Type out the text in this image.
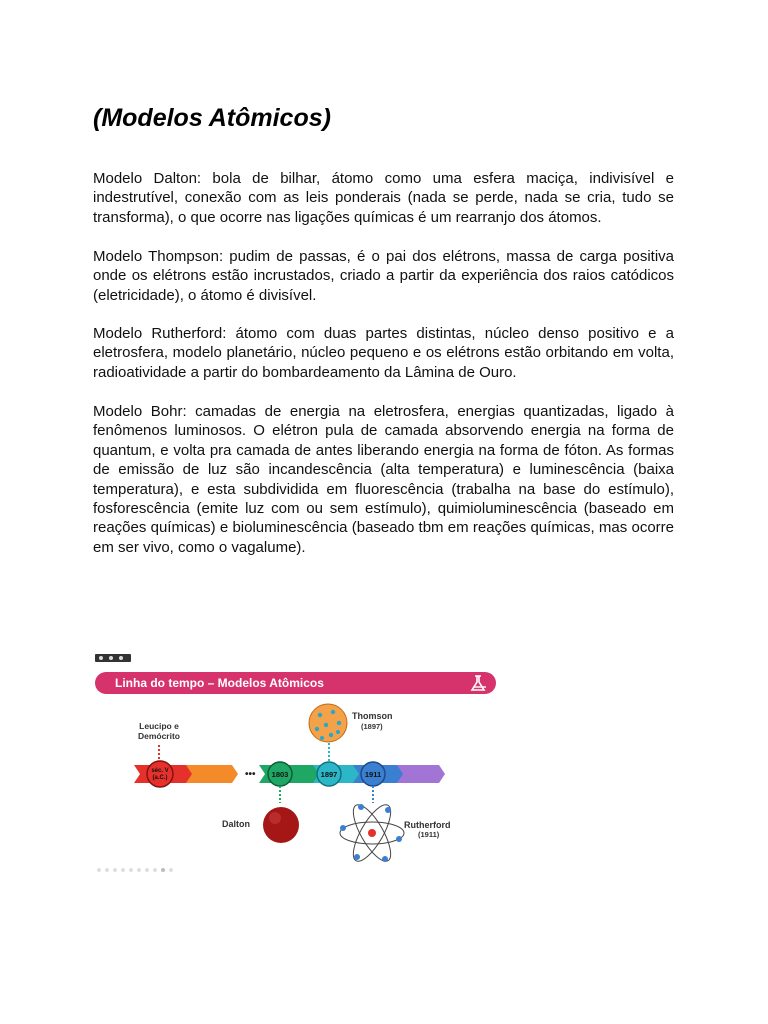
(Modelos Atômicos)

Modelo Dalton: bola de bilhar, átomo como uma esfera maciça, indivisível e indestrutível, conexão com as leis ponderais (nada se perde, nada se cria, tudo se transforma), o que ocorre nas ligações químicas é um rearranjo dos átomos.

Modelo Thompson: pudim de passas, é o pai dos elétrons, massa de carga positiva onde os elétrons estão incrustados, criado a partir da experiência dos raios catódicos (eletricidade), o átomo é divisível.

Modelo Rutherford: átomo com duas partes distintas, núcleo denso positivo e a eletrosfera, modelo planetário, núcleo pequeno e os elétrons estão orbitando em volta, radioatividade a partir do bombardeamento da Lâmina de Ouro.

Modelo Bohr: camadas de energia na eletrosfera, energias quantizadas, ligado à fenômenos luminosos. O elétron pula de camada absorvendo energia na forma de quantum, e volta pra camada de antes liberando energia na forma de fóton. As formas de emissão de luz são incandescência (alta temperatura) e luminescência (baixa temperatura), e esta subdividida em fluorescência (trabalha na base do estímulo), fosforescência (emite luz com ou sem estímulo), quimioluminescência (baseado em reações químicas) e bioluminescência (baseado tbm em reações químicas, mas ocorre em ser vivo, como o vagalume).

Linha do tempo – Modelos Atômicos
Leucipo e
Demócrito
•••
séc. V
(a.C.)	1803	1897	1911
Thomson
(1897)
Dalton	Rutherford
(1911)
